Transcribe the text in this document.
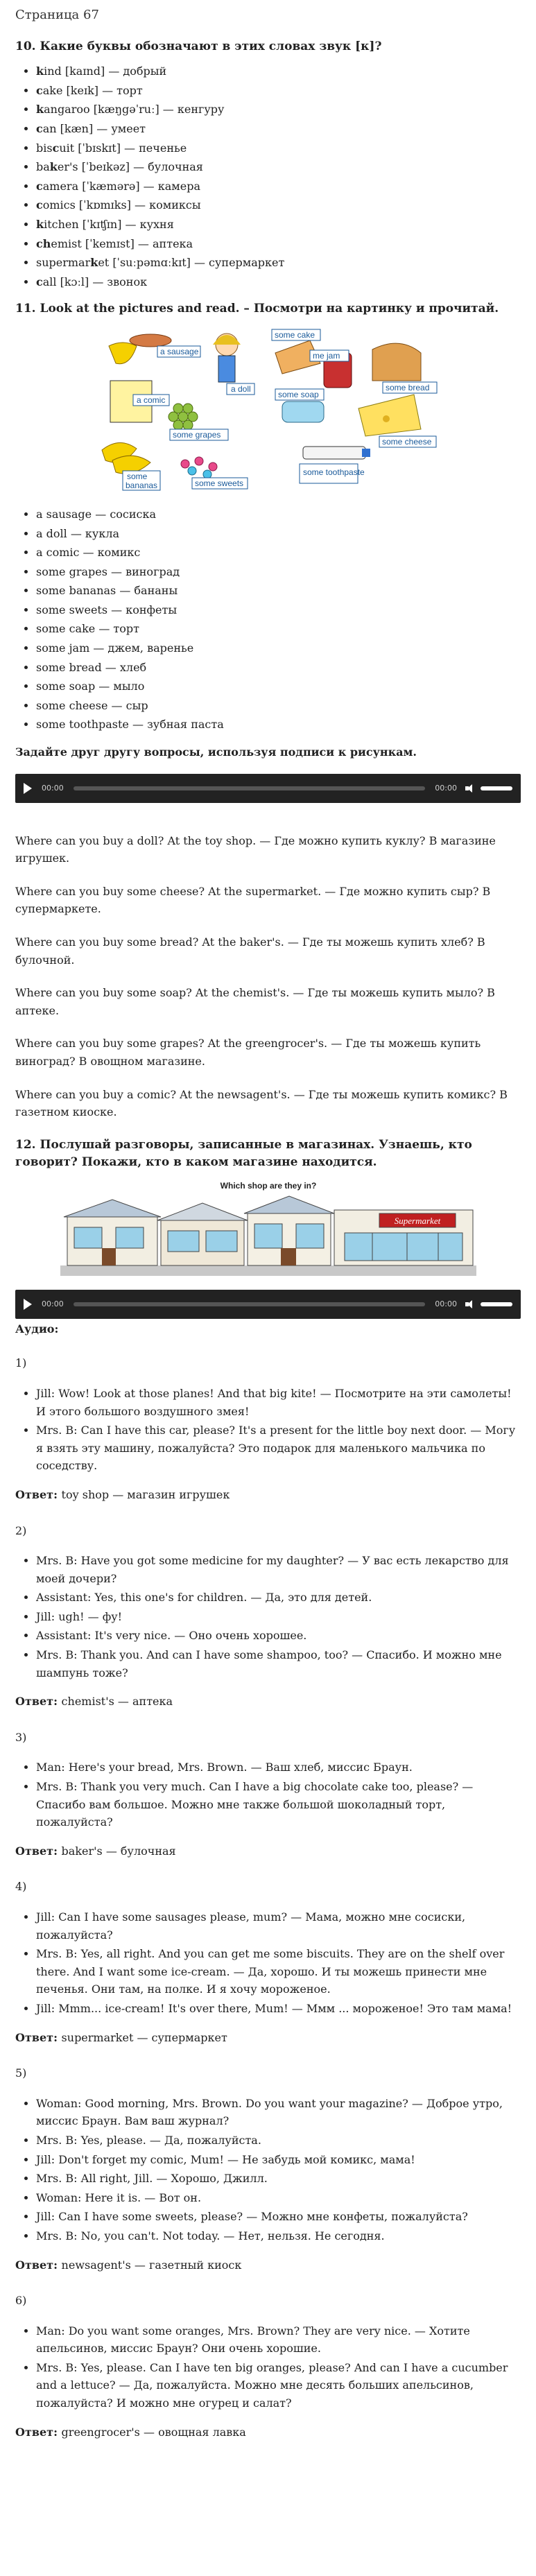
Страница 67
10. Какие буквы обозначают в этих словах звук [к]?
• kind [kaɪnd] — добрый
• cake [keɪk] — торт
• kangaroo [kæŋgəˈruː] — кенгуру
• can [kæn] — умеет
• biscuit [ˈbɪskɪt] — печенье
• baker's [ˈbeɪkəz] — булочная
• camera [ˈkæmərə] — камера
• comics [ˈkɒmɪks] — комиксы
• kitchen [ˈkɪʧɪn] — кухня
• chemist [ˈkemɪst] — аптека
• supermarket [ˈsuːpəmɑːkɪt] — супермаркет
• call [kɔːl] — звонок
11. Look at the pictures and read. – Посмотри на картинку и прочитай.
a sausage
a doll
a comic
some grapes
some
bananas	some sweets
some cake
me jam
some bread
some soap
some cheese
some toothpaste
• a sausage — сосиска
• a doll — кукла
• a comic — комикс
• some grapes — виноград
• some bananas — бананы
• some sweets — конфеты
• some cake — торт
• some jam — джем, варенье
• some bread — хлеб
• some soap — мыло
• some cheese — сыр
• some toothpaste — зубная паста
Задайте друг другу вопросы, используя подписи к рисункам.
00:00	00:00

Where can you buy a doll? At the toy shop. — Где можно купить куклу? В магазине игрушек.

Where can you buy some cheese? At the supermarket. — Где можно купить сыр? В супермаркете.

Where can you buy some bread? At the baker's. — Где ты можешь купить хлеб? В булочной.

Where can you buy some soap? At the chemist's. — Где ты можешь купить мыло? В аптеке.

Where can you buy some grapes? At the greengrocer's. — Где ты можешь купить виноград? В овощном магазине.

Where can you buy a comic? At the newsagent's. — Где ты можешь купить комикс? В газетном киоске.

12. Послушай разговоры, записанные в магазинах. Узнаешь, кто говорит? Покажи, кто в каком магазине находится.
Which shop are they in?
Supermarket
00:00	00:00
Аудио:
1)
• Jill: Wow! Look at those planes! And that big kite! — Посмотрите на эти самолеты! И этого большого воздушного змея!
• Mrs. B: Can I have this car, please? It's a present for the little boy next door. — Могу я взять эту машину, пожалуйста? Это подарок для маленького мальчика по соседству.
Ответ: toy shop — магазин игрушек
2)
• Mrs. B: Have you got some medicine for my daughter? — У вас есть лекарство для моей дочери?
• Assistant: Yes, this one's for children. — Да, это для детей.
• Jill: ugh! — фу!
• Assistant: It's very nice. — Оно очень хорошее.
• Mrs. B: Thank you. And can I have some shampoo, too? — Спасибо. И можно мне шампунь тоже?
Ответ: chemist's — аптека
3)
• Man: Here's your bread, Mrs. Brown. — Ваш хлеб, миссис Браун.
• Mrs. B: Thank you very much. Can I have a big chocolate cake too, please? — Спасибо вам большое. Можно мне также большой шоколадный торт, пожалуйста?
Ответ: baker's — булочная
4)
• Jill: Can I have some sausages please, mum? — Мама, можно мне сосиски, пожалуйста?
• Mrs. B: Yes, all right. And you can get me some biscuits. They are on the shelf over there. And I want some ice-cream. — Да, хорошо. И ты можешь принести мне печенья. Они там, на полке. И я хочу мороженое.
• Jill: Mmm... ice-cream! It's over there, Mum! — Ммм ... мороженое! Это там мама!
Ответ: supermarket — супермаркет
5)
• Woman: Good morning, Mrs. Brown. Do you want your magazine? — Доброе утро, миссис Браун. Вам ваш журнал?
• Mrs. B: Yes, please. — Да, пожалуйста.
• Jill: Don't forget my comic, Mum! — Не забудь мой комикс, мама!
• Mrs. B: All right, Jill. — Хорошо, Джилл.
• Woman: Here it is. — Вот он.
• Jill: Can I have some sweets, please? — Можно мне конфеты, пожалуйста?
• Mrs. B: No, you can't. Not today. — Нет, нельзя. Не сегодня.
Ответ: newsagent's — газетный киоск
6)
• Man: Do you want some oranges, Mrs. Brown? They are very nice. — Хотите апельсинов, миссис Браун? Они очень хорошие.
• Mrs. B: Yes, please. Can I have ten big oranges, please? And can I have a cucumber and a lettuce? — Да, пожалуйста. Можно мне десять больших апельсинов, пожалуйста? И можно мне огурец и салат?
Ответ: greengrocer's — овощная лавка
